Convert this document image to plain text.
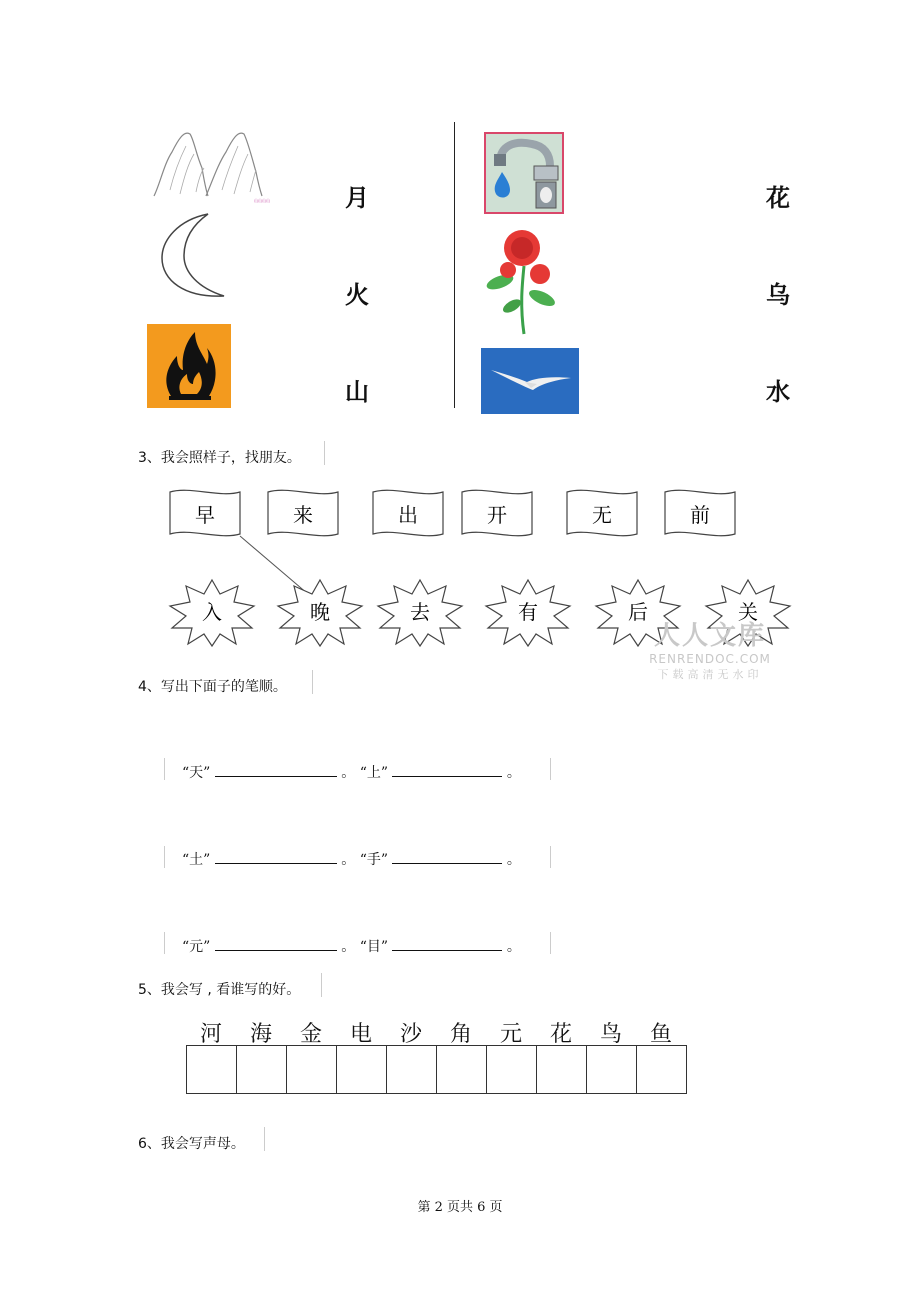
山山山山	月
火
山
花
乌
水
3、我会照样子，找朋友。
早	来	出	开	无	前
入	晚	去	有	后	关
人人文库
RENRENDOC.COM
下载高清无水印
4、写出下面子的笔顺。
“天”	。 “上”	。
“土”	。 “手”	。
“元”	。 “目”	。
5、我会写 , 看谁写的好。
河	海	金	电	沙	角	元	花	鸟	鱼
6、我会写声母。
第 2 页共 6 页
